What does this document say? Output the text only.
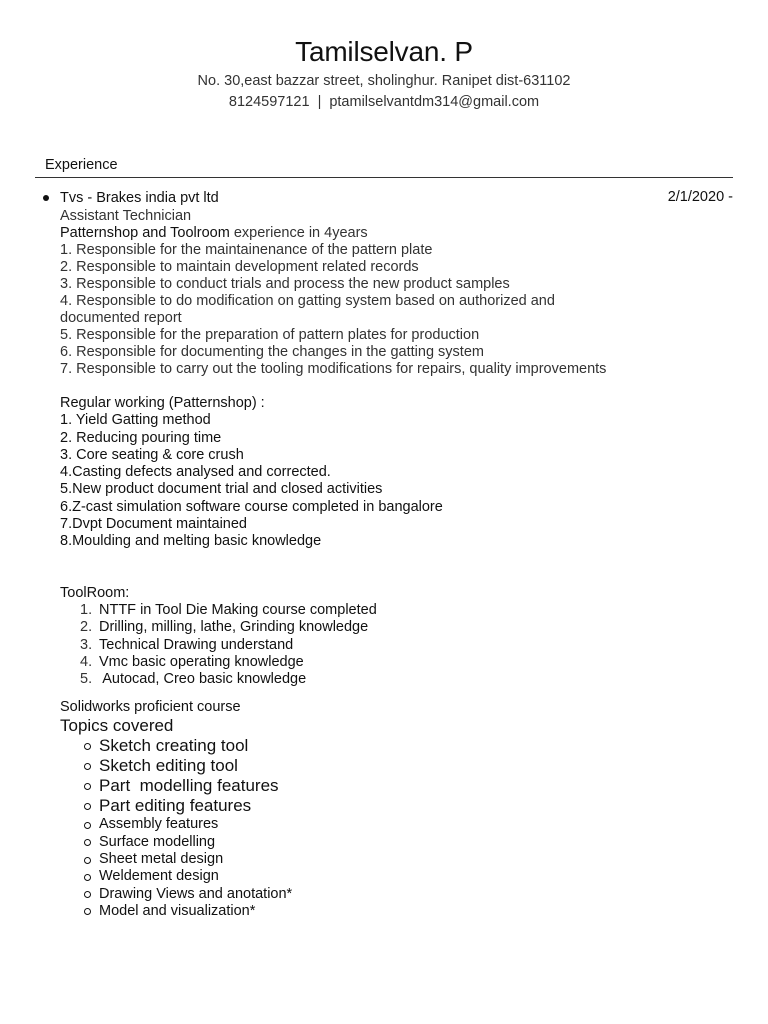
Tamilselvan. P
No. 30,east bazzar street, sholinghur. Ranipet dist-631102
8124597121 | ptamilselvantdm314@gmail.com
Experience
Tvs - Brakes india pvt ltd	2/1/2020 -
Assistant Technician
Patternshop and Toolroom experience in 4years
1. Responsible for the maintainenance of the pattern plate
2. Responsible to maintain development related records
3. Responsible to conduct trials and process the new product samples
4. Responsible to do modification on gatting system based on authorized and
documented report
5. Responsible for the preparation of pattern plates for production
6. Responsible for documenting the changes in the gatting system
7. Responsible to carry out the tooling modifications for repairs, quality improvements
Regular working (Patternshop) :
1. Yield Gatting method
2. Reducing pouring time
3. Core seating & core crush
4.Casting defects analysed and corrected.
5.New product document trial and closed activities
6.Z-cast simulation software course completed in bangalore
7.Dvpt Document maintained
8.Moulding and melting basic knowledge
ToolRoom:
1. NTTF in Tool Die Making course completed
2. Drilling, milling, lathe, Grinding knowledge
3. Technical Drawing understand
4. Vmc basic operating knowledge
5. Autocad, Creo basic knowledge
Solidworks proficient course
Topics covered
Sketch creating tool
Sketch editing tool
Part  modelling features
Part editing features
Assembly features
Surface modelling
Sheet metal design
Weldement design
Drawing Views and anotation*
Model and visualization*
